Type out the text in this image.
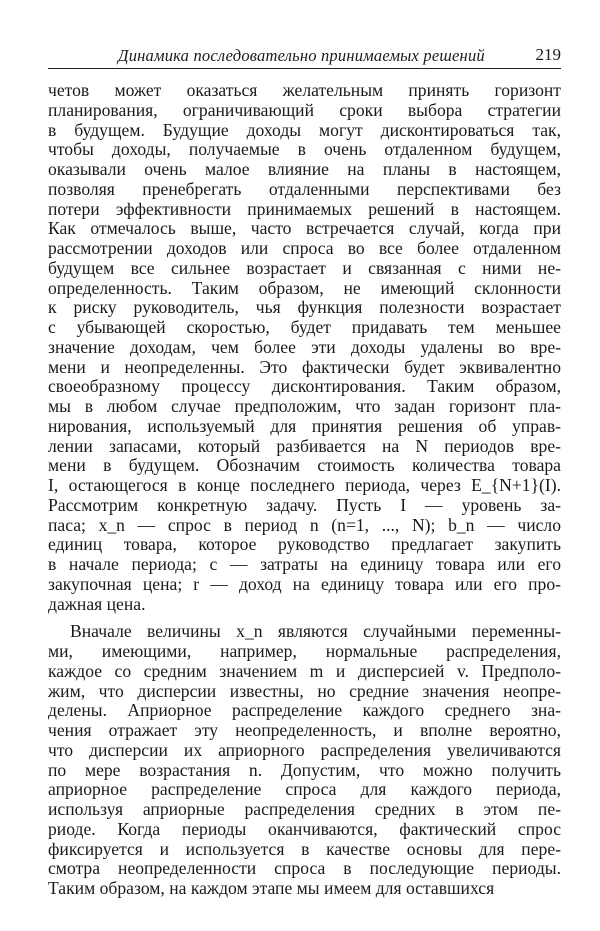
Динамика последовательно принимаемых решений	219
четов может оказаться желательным принять горизонт
планирования, ограничивающий сроки выбора стратегии
в будущем. Будущие доходы могут дисконтироваться так,
чтобы доходы, получаемые в очень отдаленном будущем,
оказывали очень малое влияние на планы в настоящем,
позволяя пренебрегать отдаленными перспективами без
потери эффективности принимаемых решений в настоящем.
Как отмечалось выше, часто встречается случай, когда при
рассмотрении доходов или спроса во все более отдаленном
будущем все сильнее возрастает и связанная с ними не-
определенность. Таким образом, не имеющий склонности
к риску руководитель, чья функция полезности возрастает
с убывающей скоростью, будет придавать тем меньшее
значение доходам, чем более эти доходы удалены во вре-
мени и неопределенны. Это фактически будет эквивалентно
своеобразному процессу дисконтирования. Таким образом,
мы в любом случае предположим, что задан горизонт пла-
нирования, используемый для принятия решения об управ-
лении запасами, который разбивается на N периодов вре-
мени в будущем. Обозначим стоимость количества товара
I, остающегося в конце последнего периода, через E_{N+1}(I).
Рассмотрим конкретную задачу. Пусть I — уровень за-
паса; x_n — спрос в период n (n=1, ..., N); b_n — число
единиц товара, которое руководство предлагает закупить
в начале периода; c — затраты на единицу товара или его
закупочная цена; r — доход на единицу товара или его про-
дажная цена.
Вначале величины x_n являются случайными переменны-
ми, имеющими, например, нормальные распределения,
каждое со средним значением m и дисперсией v. Предполо-
жим, что дисперсии известны, но средние значения неопре-
делены. Априорное распределение каждого среднего зна-
чения отражает эту неопределенность, и вполне вероятно,
что дисперсии их априорного распределения увеличиваются
по мере возрастания n. Допустим, что можно получить
априорное распределение спроса для каждого периода,
используя априорные распределения средних в этом пе-
риоде. Когда периоды оканчиваются, фактический спрос
фиксируется и используется в качестве основы для пере-
смотра неопределенности спроса в последующие периоды.
Таким образом, на каждом этапе мы имеем для оставшихся
